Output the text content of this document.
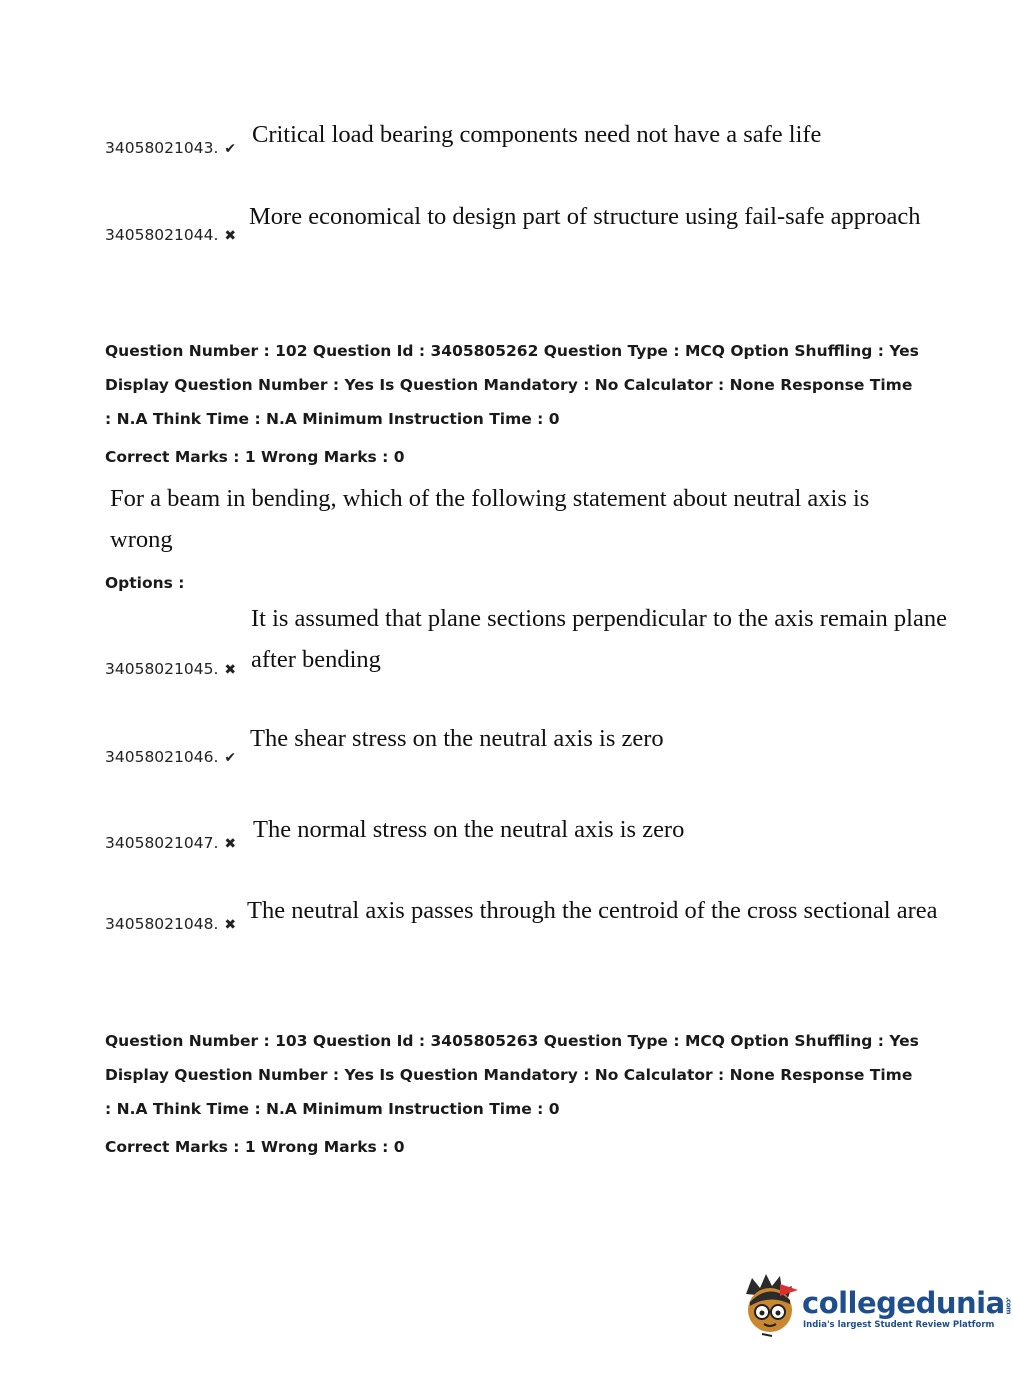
34058021043. ✔
Critical load bearing components need not have a safe life
34058021044. ✖
More economical to design part of structure using fail-safe approach

Question Number : 102 Question Id : 3405805262 Question Type : MCQ Option Shuffling : Yes

Display Question Number : Yes Is Question Mandatory : No Calculator : None Response Time

: N.A Think Time : N.A Minimum Instruction Time : 0

Correct Marks : 1 Wrong Marks : 0

For a beam in bending, which of the following statement about neutral axis is
wrong
Options :
It is assumed that plane sections perpendicular to the axis remain plane
after bending
34058021045. ✖
The shear stress on the neutral axis is zero
34058021046. ✔
The normal stress on the neutral axis is zero
34058021047. ✖
The neutral axis passes through the centroid of the cross sectional area
34058021048. ✖

Question Number : 103 Question Id : 3405805263 Question Type : MCQ Option Shuffling : Yes

Display Question Number : Yes Is Question Mandatory : No Calculator : None Response Time

: N.A Think Time : N.A Minimum Instruction Time : 0

Correct Marks : 1 Wrong Marks : 0

collegedunia.com
India's largest Student Review Platform
